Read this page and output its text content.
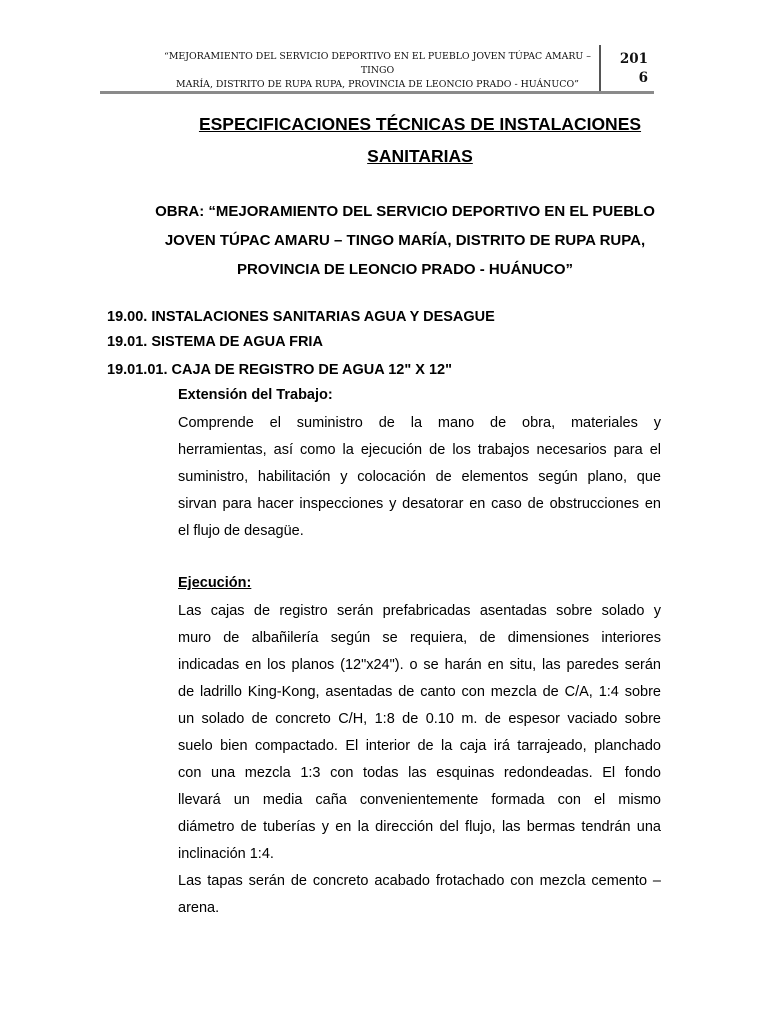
“MEJORAMIENTO DEL SERVICIO DEPORTIVO EN EL PUEBLO JOVEN TÚPAC AMARU – TINGO
MARÍA, DISTRITO DE RUPA RUPA, PROVINCIA DE LEONCIO PRADO - HUÁNUCO”
201
6
ESPECIFICACIONES TÉCNICAS DE INSTALACIONES
SANITARIAS
OBRA: “MEJORAMIENTO DEL SERVICIO DEPORTIVO EN EL PUEBLO
JOVEN TÚPAC AMARU – TINGO MARÍA, DISTRITO DE RUPA RUPA,
PROVINCIA DE LEONCIO PRADO - HUÁNUCO”
19.00. INSTALACIONES SANITARIAS AGUA Y DESAGUE
19.01. SISTEMA DE AGUA FRIA
19.01.01. CAJA DE REGISTRO DE AGUA 12" X 12"
Extensión del Trabajo:
Comprende el suministro de la mano de obra, materiales y
herramientas, así como la ejecución de los trabajos necesarios para el
suministro, habilitación y colocación de elementos según plano, que
sirvan para hacer inspecciones y desatorar en caso de obstrucciones en
el flujo de desagüe.
Ejecución:
Las cajas de registro serán prefabricadas asentadas sobre solado y
muro de albañilería según se requiera, de dimensiones interiores
indicadas en los planos (12"x24"). o se harán en situ, las paredes serán
de ladrillo King-Kong, asentadas de canto con mezcla de C/A, 1:4 sobre
un solado de concreto C/H, 1:8 de 0.10 m. de espesor vaciado sobre
suelo bien compactado. El interior de la caja irá tarrajeado, planchado
con una mezcla 1:3 con todas las esquinas redondeadas. El fondo
llevará un media caña convenientemente formada con el mismo
diámetro de tuberías y en la dirección del flujo, las bermas tendrán una
inclinación 1:4.
Las tapas serán de concreto acabado frotachado con mezcla cemento –
arena.
